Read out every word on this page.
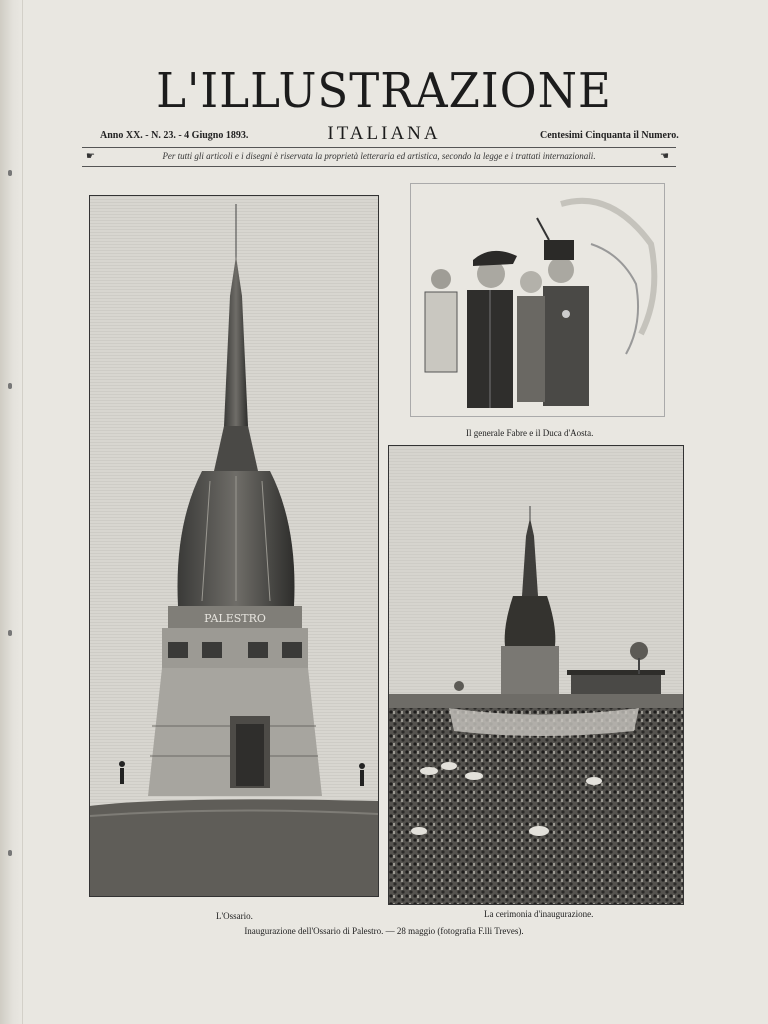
L'ILLUSTRAZIONE
Anno XX. - N. 23. - 4 Giugno 1893.	ITALIANA	Centesimi Cinquanta il Numero.
☛	Per tutti gli articoli e i disegni è riservata la proprietà letteraria ed artistica, secondo la legge e i trattati internazionali.	☚
PALESTRO
Il generale Fabre e il Duca d'Aosta.
L'Ossario.	La cerimonia d'inaugurazione.
Inaugurazione dell'Ossario di Palestro. — 28 maggio (fotografia F.lli Treves).
